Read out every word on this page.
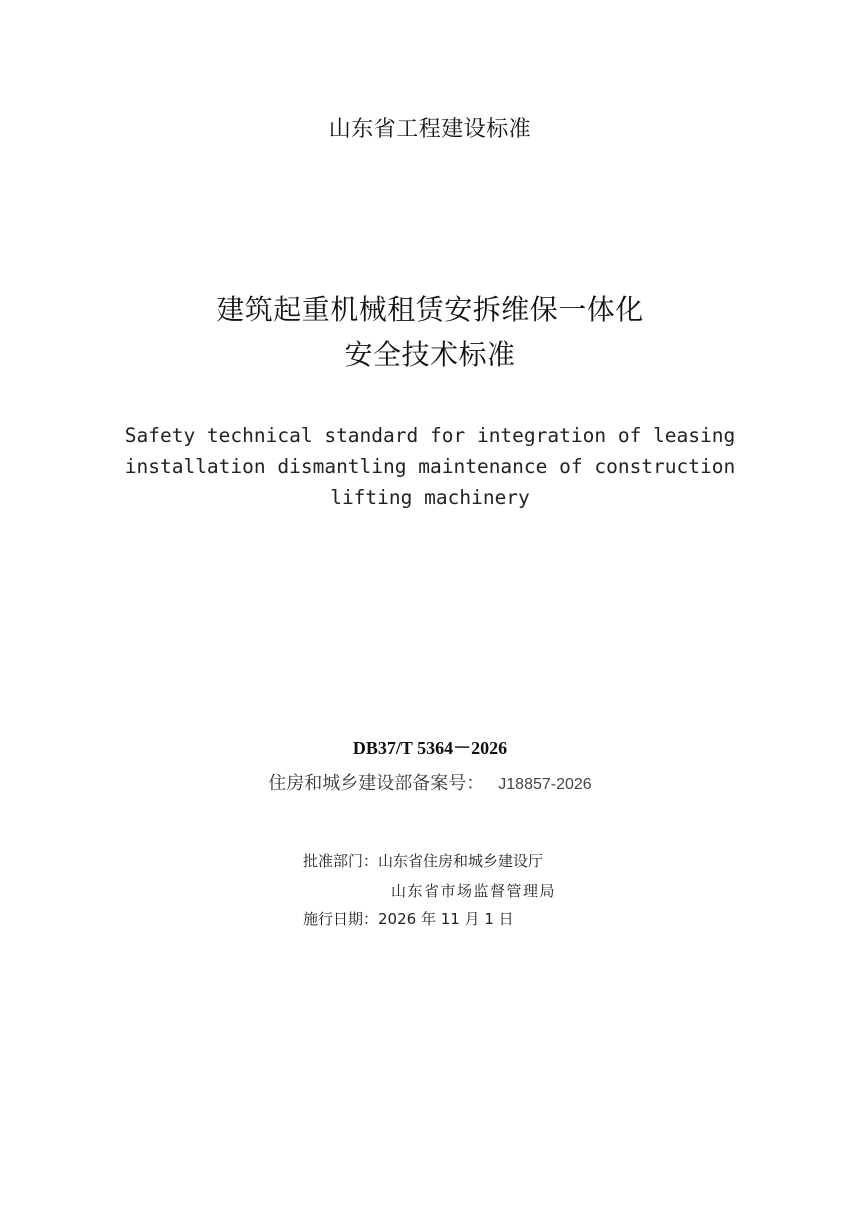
山东省工程建设标准
建筑起重机械租赁安拆维保一体化
安全技术标准
Safety technical standard for integration of leasing installation dismantling maintenance of construction lifting machinery
DB37/T 5364－2026
住房和城乡建设部备案号： J18857-2026
批准部门：山东省住房和城乡建设厅
山东省市场监督管理局
施行日期：2026 年 11 月 1 日
